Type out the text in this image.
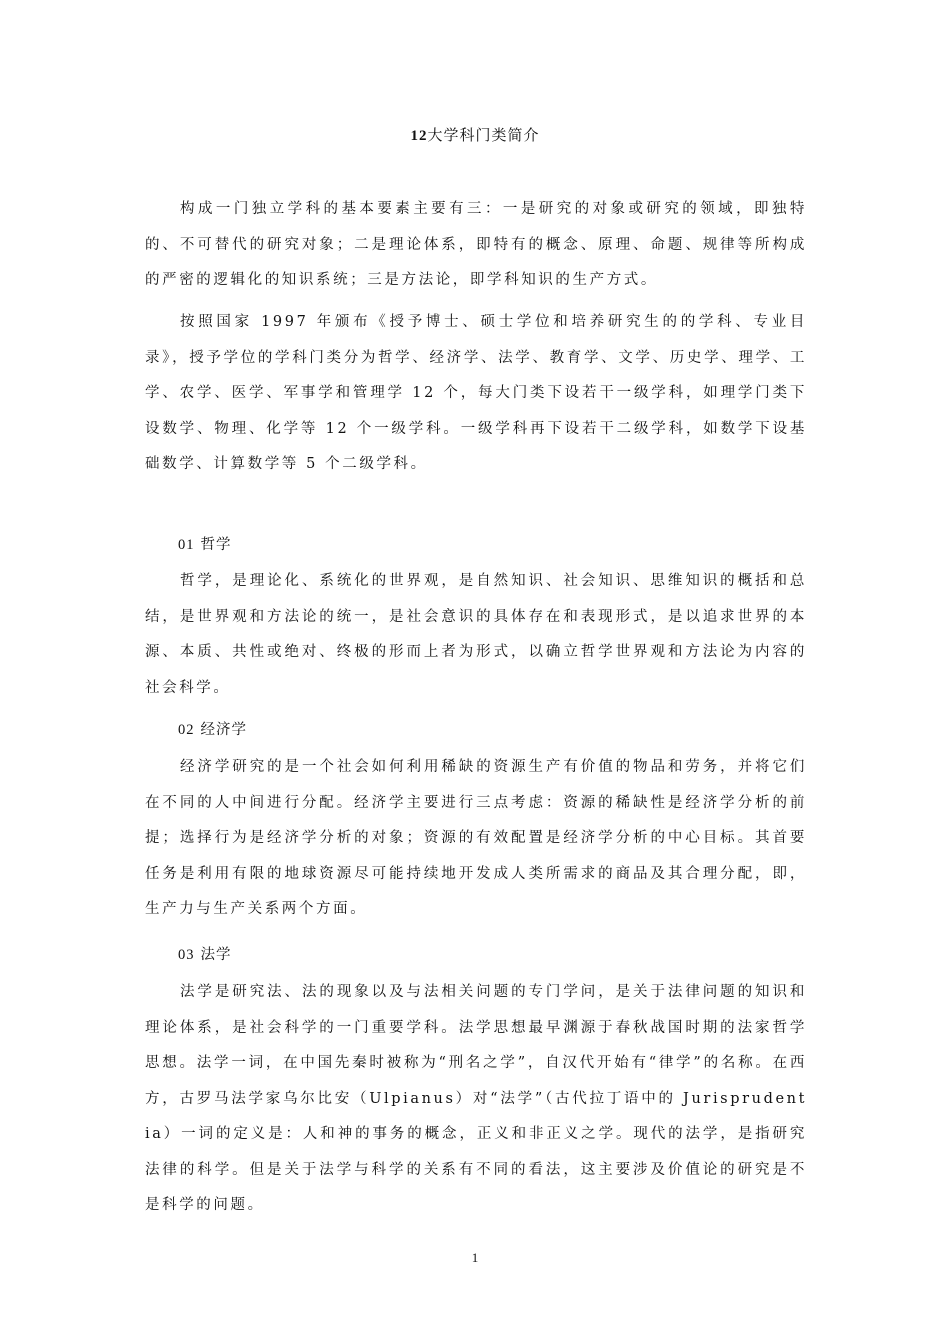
12大学科门类简介

构成一门独立学科的基本要素主要有三：一是研究的对象或研究的领域，即独特的、不可替代的研究对象；二是理论体系，即特有的概念、原理、命题、规律等所构成的严密的逻辑化的知识系统；三是方法论，即学科知识的生产方式。

按照国家 1997 年颁布《授予博士、硕士学位和培养研究生的的学科、专业目录》，授予学位的学科门类分为哲学、经济学、法学、教育学、文学、历史学、理学、工学、农学、医学、军事学和管理学 12 个，每大门类下设若干一级学科，如理学门类下设数学、物理、化学等 12 个一级学科。一级学科再下设若干二级学科，如数学下设基础数学、计算数学等 5 个二级学科。

01 哲学

哲学，是理论化、系统化的世界观，是自然知识、社会知识、思维知识的概括和总结，是世界观和方法论的统一，是社会意识的具体存在和表现形式，是以追求世界的本源、本质、共性或绝对、终极的形而上者为形式，以确立哲学世界观和方法论为内容的社会科学。

02 经济学

经济学研究的是一个社会如何利用稀缺的资源生产有价值的物品和劳务，并将它们在不同的人中间进行分配。经济学主要进行三点考虑：资源的稀缺性是经济学分析的前提；选择行为是经济学分析的对象；资源的有效配置是经济学分析的中心目标。其首要任务是利用有限的地球资源尽可能持续地开发成人类所需求的商品及其合理分配，即，生产力与生产关系两个方面。

03 法学

法学是研究法、法的现象以及与法相关问题的专门学问，是关于法律问题的知识和理论体系，是社会科学的一门重要学科。法学思想最早渊源于春秋战国时期的法家哲学思想。法学一词，在中国先秦时被称为“刑名之学”，自汉代开始有“律学”的名称。在西方，古罗马法学家乌尔比安（Ulpianus）对“法学”（古代拉丁语中的 Jurisprudentia）一词的定义是：人和神的事务的概念，正义和非正义之学。现代的法学，是指研究法律的科学。但是关于法学与科学的关系有不同的看法，这主要涉及价值论的研究是不是科学的问题。

1
